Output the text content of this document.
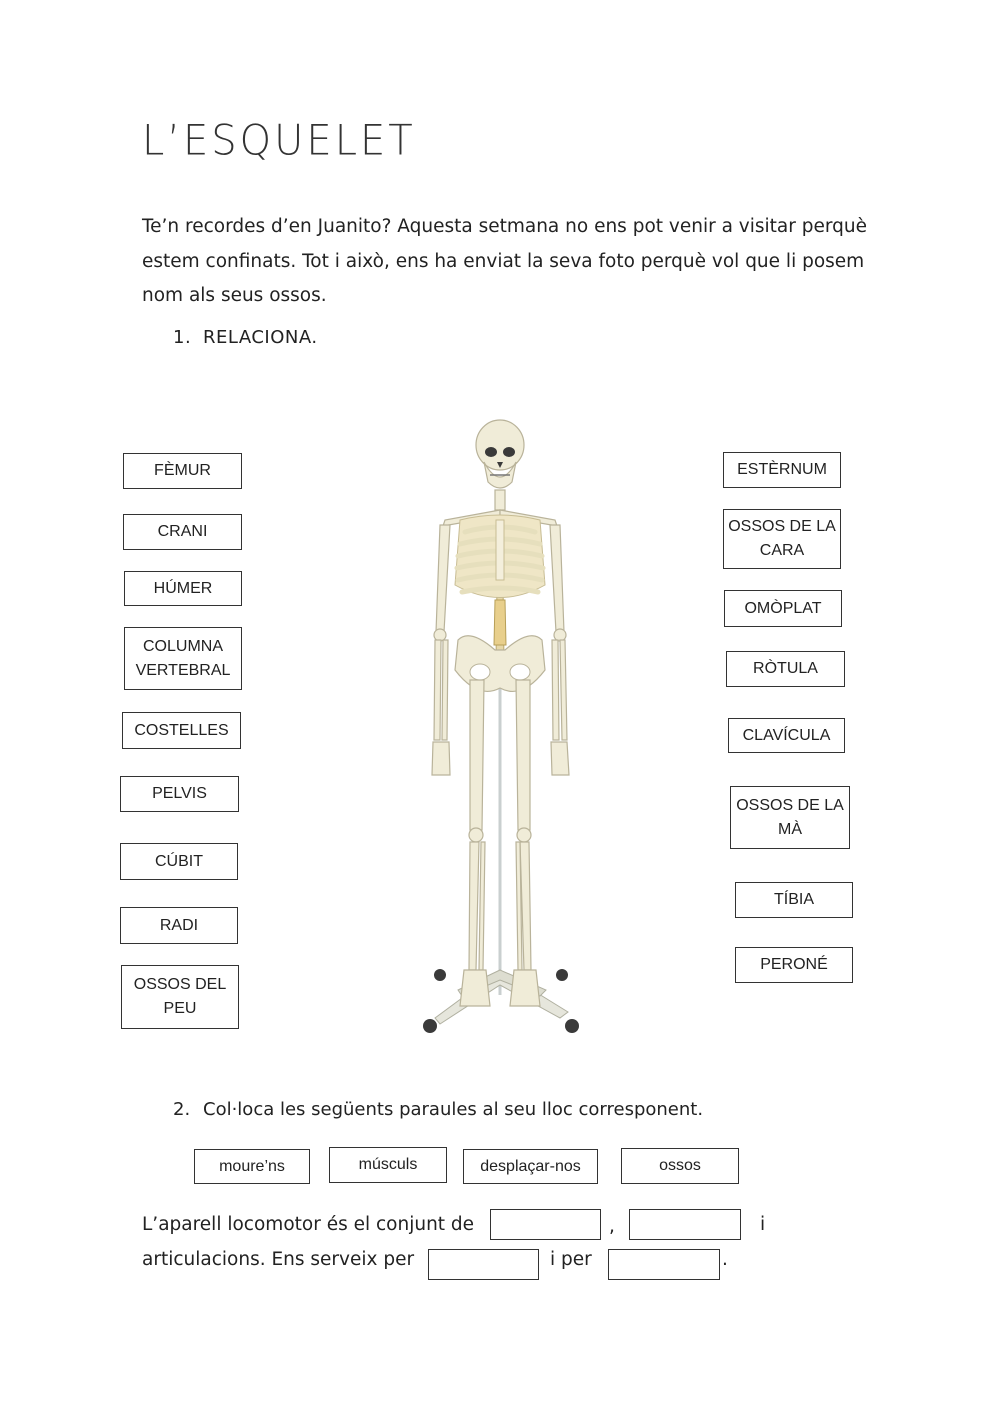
L’ESQUELET
Te’n recordes d’en Juanito? Aquesta setmana no ens pot venir a visitar perquè estem confinats. Tot i això, ens ha enviat la seva foto perquè vol que li posem nom als seus ossos.
1. RELACIONA.
FÈMUR
CRANI
HÚMER
COLUMNA VERTEBRAL
COSTELLES
PELVIS
CÚBIT
RADI
OSSOS DEL PEU
ESTÈRNUM
OSSOS DE LA CARA
OMÒPLAT
RÒTULA
CLAVÍCULA
OSSOS DE LA MÀ
TÍBIA
PERONÉ
2. Col·loca les següents paraules al seu lloc corresponent.
moure’ns	músculs	desplaçar-nos	ossos
L’aparell locomotor és el conjunt de	,	i
articulacions. Ens serveix per	i per	.
